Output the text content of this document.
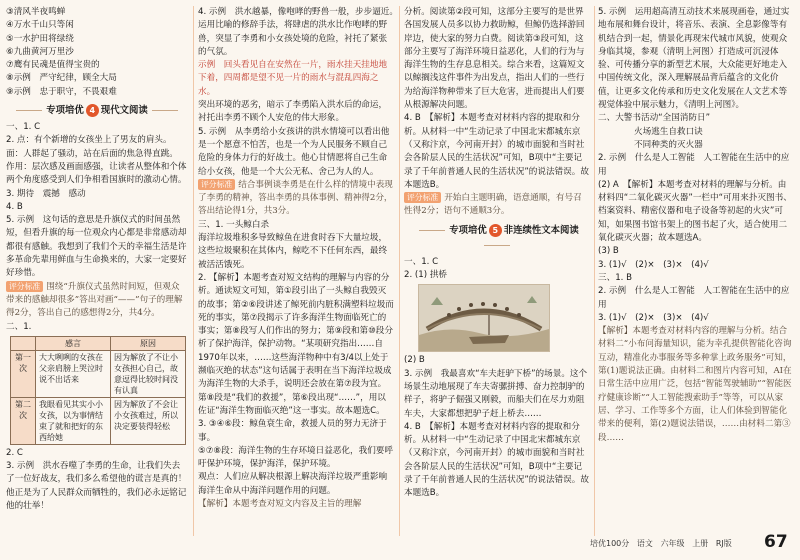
③清风半夜鸣蝉

④万水千山只等闲

⑤一水护田将绿绕

⑥九曲黄河万里沙

⑦鹰有民魂是值得宝贵的

⑧示例　严守纪律，顾全大局

⑨示例　忠于职守，不畏艰难

专项培优 4 现代文阅读

一、1. C

2. 点：有个新增的女孩坐上了男友的肩头。

面：人群起了骚动，站在后面的焦急得直跳。

作用：层次感及画面感强，让读者从整体和个体两个角度感受到人们争相看国旗时的激动心情。

3. 期待　震撼　感动

4. B

5. 示例　这句话的意思是升旗仪式的时间虽然短，但看升旗的每一位观众内心都是非常感动却都很有感触。我想到了我们个天的幸福生活是许多革命先辈用鲜血与生命换来的，大家一定要好好珍惜。

评分标准 围绕“升旗仪式虽然时间短，但观众带来的感触却很多”答出对画“——”句子的理解得2分，答出自己的感想得2分，共4分。

二、1.

	感言	原因
第一次	大大咧咧的女孩在父亲肩膀上哭泣时说不出话来	因为解放了不让小女孩担心自己，故意逗得比较时间没有认真
第二次	我眼看见其实小小女孩，以为事情结束了就和把好的东西给她	因为解放了不会让小女孩难过，所以决定要装得轻松

2. C

3. 示例　洪水吞噬了李勇的生命，让我们失去了一位好战友，我们多么希望他的谎言是真的！他正是为了人民群众而牺牲的，我们必永远铭记他的壮举！

4. 示例　洪水越暴，像咆哮的野兽一般，步步逼近。　运用比喻的修辞手法，将肆虐的洪水比作咆哮的野兽，突显了李勇和小女孩处境的危险，衬托了紧张的气氛。

示例　回头看见自在安然在一片，雨水挂天挂地地下着，四周都是望不见一片的雨水与混乱四海之水。

突出环境的恶劣，暗示了李勇陷入洪水后的命运，衬托出李勇不顾个人安危的伟大形象。

5. 示例　从李勇给小女孩讲的洪水情境可以看出他是一个愿意不怕苦，也是一个为人民服务不顾自己危险的身体力行的好战士。他心甘情愿将自己生命给小女孩，他是一个大公无私、舍己为人的人。

评分标准 结合事例谈李勇是在什么样的情境中表现了李勇的精神，答出李勇的具体事例、精神得2分，答出结论得1分，共3分。

三、1. 一头鲸白杀

海洋垃圾堆积多导致鲸鱼在进食时吞下大量垃圾，这些垃圾聚积在其体内，鲸吃不下任何东西，最终被活活饿死。

2. 【解析】本题考查对短文结构的理解与内容的分析。通读短文可知，第①段引出了一头鲸自我毁灭的故事；第②⑥段讲述了鲸死前内脏积满塑料垃圾而死的事实，第⑦段揭示了许多海洋生物面临死亡的事实；第⑧段写人们作出的努力；第⑨段和第⑩段分析了保护海洋，保护动物。“某项研究指出……自1970年以来，……这些海洋物种中有3/4以上处于濒临灭绝的状态”这句话属于表明在当下海洋垃圾成为海洋生物的大杀手，说明还会放在第⑦段为宜。第⑧段是“我们的救援”，第⑥段出现“……”，用以佐证“海洋生物面临灭绝”这一事实。故本题选C。

3. ③④⑥段：鲸鱼衰生命，救援人员的努力无济于事。

⑤⑦⑧段：海洋生物的生存环境日益恶化，我们要呼吁保护环境，保护海洋，保护环境。

观点：人们应从解决根源上解决海洋垃圾严重影响海洋生命从中海洋问题作用的问题。

【解析】本题考查对短文内容及主旨的理解

分析。阅读第②段可知，这部分主要写的是世界各国发展人员多以协力救助鲸，但鲸仍选择游回岸边，使大家的努力白费。阅读第③段可知，这部分主要写了海洋环境日益恶化，人们的行为与海洋生物的生存息息相关。综合来看，这篇短文以鲸搁浅这件事件为出发点，指出人们的一些行为给海洋物种带来了巨大危害，进而提出人们要从根源解决问题。

4. B　【解析】本题考查对材料内容的提取和分析。从材料一中“生动记录了中国北宋都城东京（又称汴京，今河南开封）的城市面貌和当时社会各阶层人民的生活状况”可知，B项中“主要记录了千年前普通人民的生活状况”的说法错误。故本题选B。

评分标准 开始白主题明确，语意通顺，有号召性得2分；语句不通顺3分。

专项培优 5 非连续性文本阅读

一、1. C

2. (1) 拱桥

(2) B

3. 示例　我最喜欢“车夫赶驴下桥”的场景。这个场景生动地展现了车夫寄骡拼搏、奋力控制驴的样子，将驴子倔强又刚毅，而船夫们在尽力劝阻车夫，大家都想把驴子赶上桥去……

4. B　【解析】本题考查对材料内容的提取和分析。从材料一中“生动记录了中国北宋都城东京（又称汴京，今河南开封）的城市面貌和当时社会各阶层人民的生活状况”可知，B项中“主要记录了千年前普通人民的生活状况”的说法错误。故本题选B。

5. 示例　运用超高清互动技术来展现画卷，通过实地布展和舞台设计，将音乐、表演、全息影像等有机结合到一起，情景化再现宋代城市风貌，使观众身临其境，参观（清明上河图）打造成可沉浸体验、可传播分享的新型艺术展，大众能更好地走入中国传统文化，深入理解展品背后蕴含的文化价值，让更多文化传承和历史文化发展在人文艺术等视觉体验中展示魅力，《清明上河图》。

二、大警书活动“全国消防日”

火场逃生自救口诀

不同种类的灭火器

2. 示例　什么是人工智能　人工智能在生活中的应用

(2) A　【解析】本题考查对材料的理解与分析。由材料四“二氧化碳灭火器”一栏中“可用来扑灭图书、档案资料、精密仪器和电子设备等初起的火灾”可知，如果图书馆书架上的图书起了火，适合使用二氧化碳灭火器；故本题选A。

(3) B

3. (1)√　(2)×　(3)×　(4)√

三、1. B

2. 示例　什么是人工智能　人工智能在生活中的应用

3. (1)√　(2)×　(3)×　(4)√

【解析】本题考查对材料内容的理解与分析。结合材料二“小布问海量知识，能为幸孔提供智能化咨询互动，精准化办事服务等多种掌上政务服务”可知，第(1)题说法正确。由材料二和图片内容可知，AI在日常生活中应用广泛，包括“智能驾驶辅助”“智能医疗健康诊断”“人工智能搜索助手”等等，可以从家居、学习、工作等多个方面，让人们体验到智能化带来的便利，第(2)题说法错误，……由材料二第③段……

培优100分 语文 六年级 上册 RJ版 67
